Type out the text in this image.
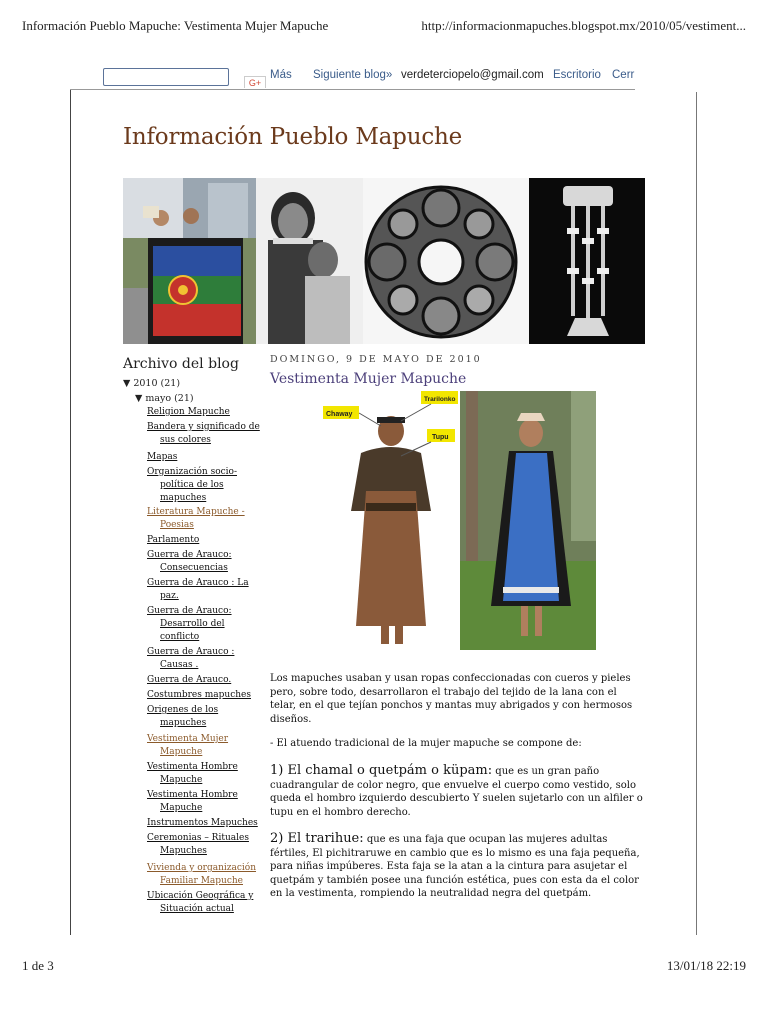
Información Pueblo Mapuche: Vestimenta Mujer Mapuche	http://informacionmapuches.blogspot.mx/2010/05/vestiment...
G+
Más Siguiente blog» verdeterciopelo@gmail.com Escritorio Cerr
Información Pueblo Mapuche
Archivo del blog
▼ 2010 (21)
▼ mayo (21)
Religion Mapuche
Bandera y significado de
sus colores
Mapas
Organización socio-
política de los
mapuches
Literatura Mapuche -
Poesias
Parlamento
Guerra de Arauco:
Consecuencias
Guerra de Arauco : La
paz.
Guerra de Arauco:
Desarrollo del
conflicto
Guerra de Arauco :
Causas .
Guerra de Arauco.
Costumbres mapuches
Origenes de los
mapuches
Vestimenta Mujer
Mapuche
Vestimenta Hombre
Mapuche
Vestimenta Hombre
Mapuche
Instrumentos Mapuches
Ceremonias – Rituales
Mapuches
Vivienda y organización
Familiar Mapuche
Ubicación Geográfica y
Situación actual
DOMINGO, 9 DE MAYO DE 2010
Vestimenta Mujer Mapuche
Chaway
Trarilonko
Tupu
Los mapuches usaban y usan ropas confeccionadas con cueros y pieles pero, sobre todo, desarrollaron el trabajo del tejido de la lana con el telar, en el que tejían ponchos y mantas muy abrigados y con hermosos diseños.
- El atuendo tradicional de la mujer mapuche se compone de:
1) El chamal o quetpám o küpam: que es un gran paño cuadrangular de color negro, que envuelve el cuerpo como vestido, solo queda el hombro izquierdo descubierto Y suelen sujetarlo con un alfiler o tupu en el hombro derecho.
2) El trarihue: que es una faja que ocupan las mujeres adultas fértiles, El pichitraruwe en cambio que es lo mismo es una faja pequeña, para niñas impúberes. Esta faja se la atan a la cintura para asujetar el quetpám y también posee una función estética, pues con esta da el color en la vestimenta, rompiendo la neutralidad negra del quetpám.
1 de 3	13/01/18 22:19
